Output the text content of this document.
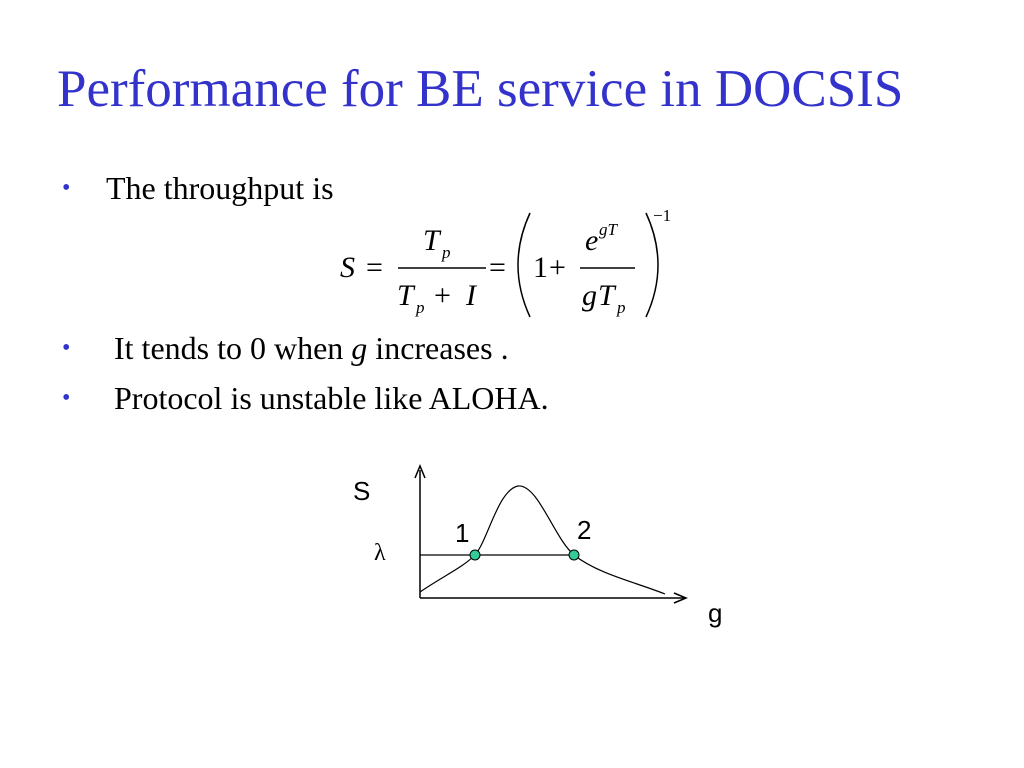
Performance for BE service in DOCSIS
• The throughput is
S =
T p
T p + I
= 1 +
e gT
g T p
−1
• It tends to 0 when g increases .
• Protocol is unstable like ALOHA.
S
g
λ
1	2
